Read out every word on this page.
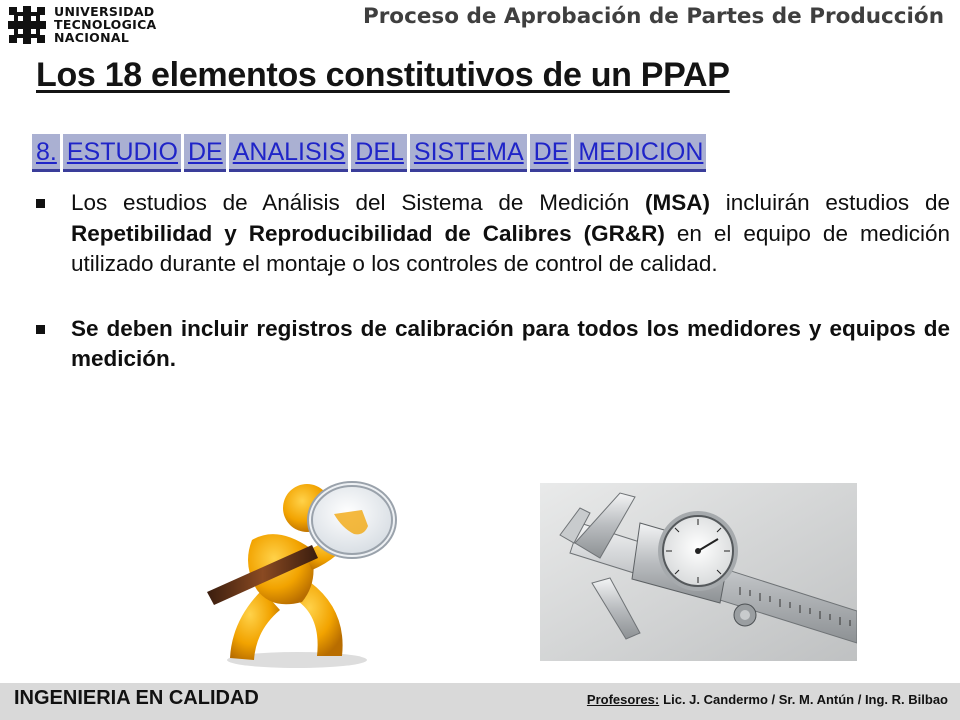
UNIVERSIDAD
TECNOLOGICA
NACIONAL
Proceso de Aprobación de Partes de Producción
Los 18 elementos constitutivos de un PPAP
8. ESTUDIO DE ANALISIS DEL SISTEMA DE MEDICION
Los estudios de Análisis del Sistema de Medición (MSA) incluirán estudios de Repetibilidad y Reproducibilidad de Calibres (GR&R) en el equipo de medición utilizado durante el montaje o los controles de control de calidad.
Se deben incluir registros de calibración para todos los medidores y equipos de medición.
INGENIERIA EN CALIDAD	Profesores: Lic. J. Candermo / Sr. M. Antún / Ing. R. Bilbao
